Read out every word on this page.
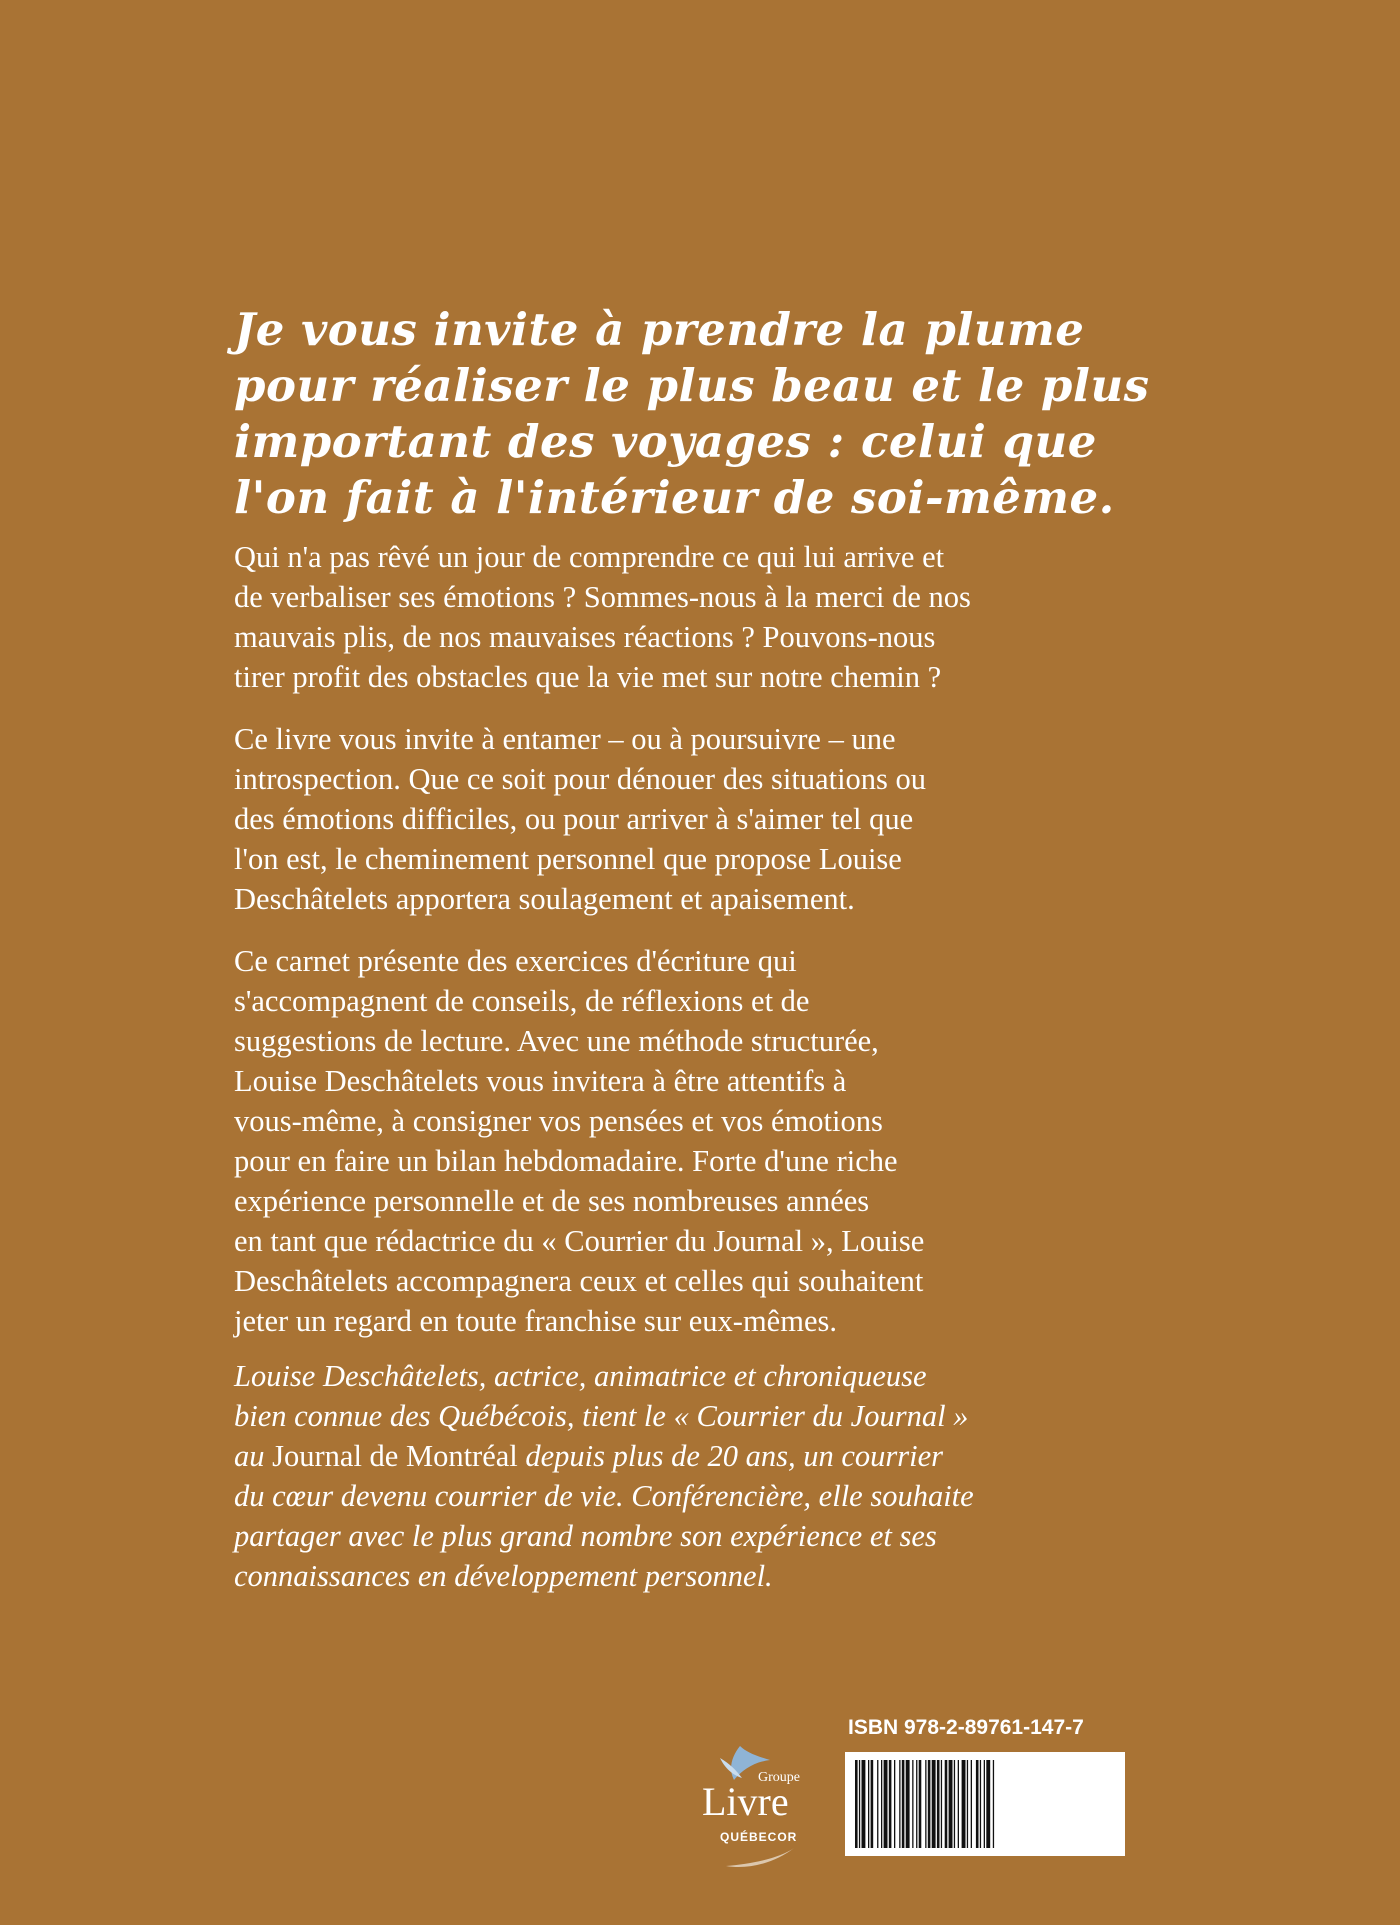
Je vous invite à prendre la plume
pour réaliser le plus beau et le plus
important des voyages : celui que
l'on fait à l'intérieur de soi-même.
Qui n'a pas rêvé un jour de comprendre ce qui lui arrive et
de verbaliser ses émotions ? Sommes-nous à la merci de nos
mauvais plis, de nos mauvaises réactions ? Pouvons-nous
tirer profit des obstacles que la vie met sur notre chemin ?
Ce livre vous invite à entamer – ou à poursuivre – une
introspection. Que ce soit pour dénouer des situations ou
des émotions difficiles, ou pour arriver à s'aimer tel que
l'on est, le cheminement personnel que propose Louise
Deschâtelets apportera soulagement et apaisement.
Ce carnet présente des exercices d'écriture qui
s'accompagnent de conseils, de réflexions et de
suggestions de lecture. Avec une méthode structurée,
Louise Deschâtelets vous invitera à être attentifs à
vous-même, à consigner vos pensées et vos émotions
pour en faire un bilan hebdomadaire. Forte d'une riche
expérience personnelle et de ses nombreuses années
en tant que rédactrice du « Courrier du Journal », Louise
Deschâtelets accompagnera ceux et celles qui souhaitent
jeter un regard en toute franchise sur eux-mêmes.
Louise Deschâtelets, actrice, animatrice et chroniqueuse
bien connue des Québécois, tient le « Courrier du Journal »
au Journal de Montréal depuis plus de 20 ans, un courrier
du cœur devenu courrier de vie. Conférencière, elle souhaite
partager avec le plus grand nombre son expérience et ses
connaissances en développement personnel.
Groupe
Livre
QUÉBECOR
ISBN 978-2-89761-147-7
